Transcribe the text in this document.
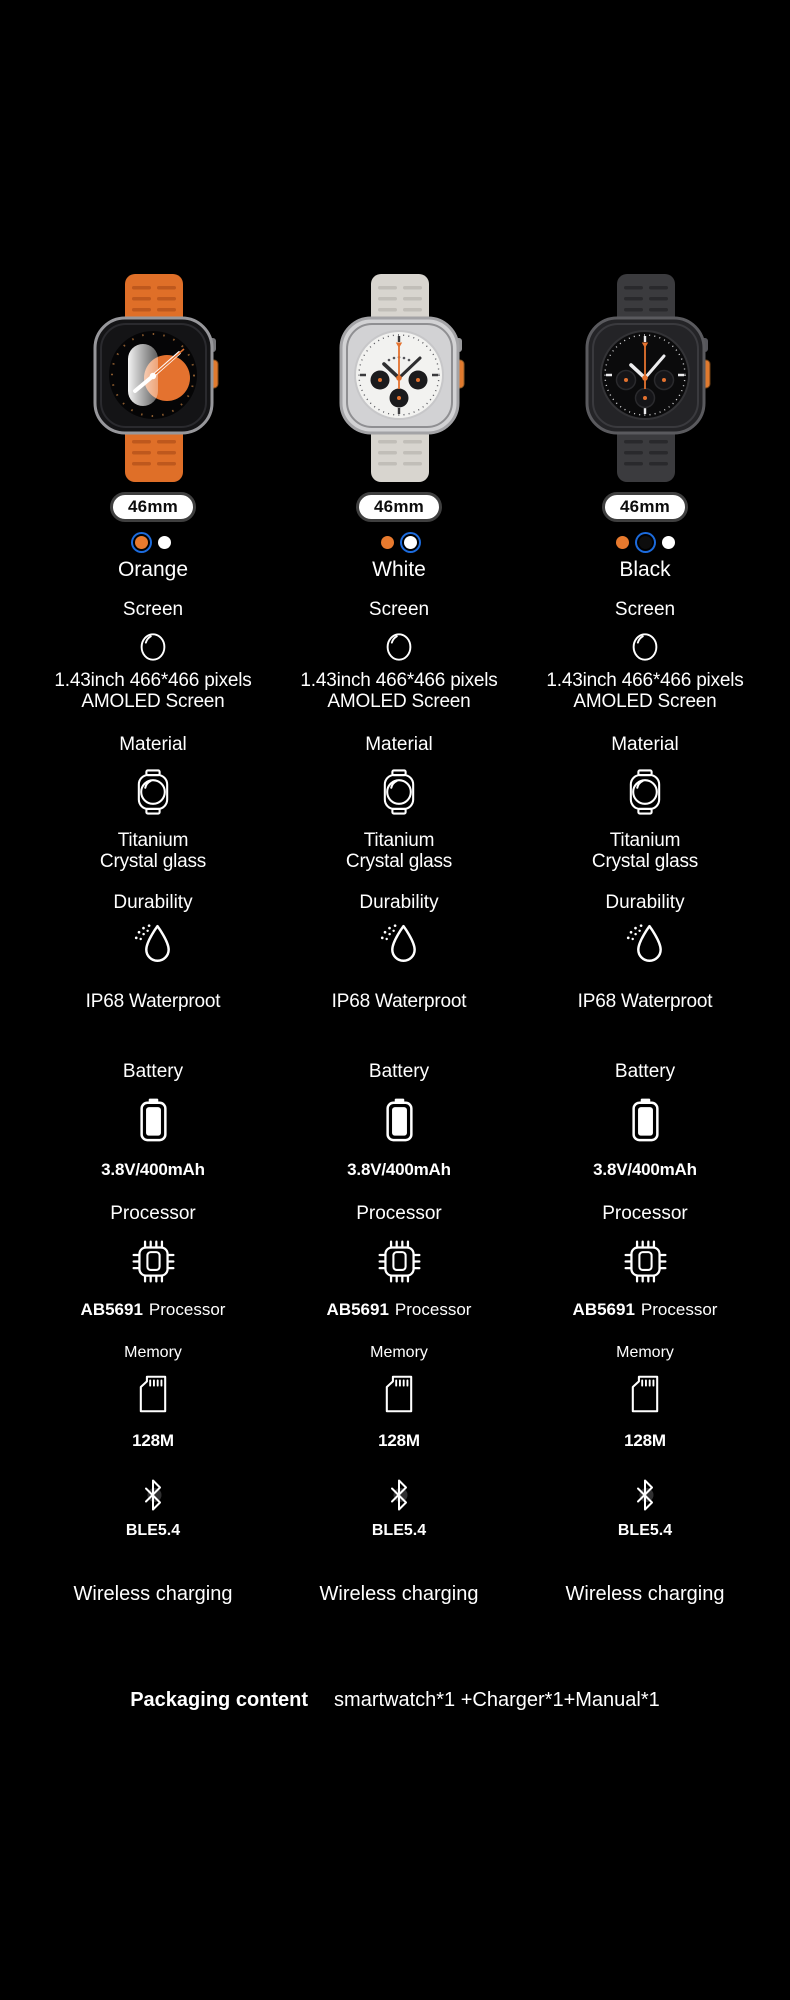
46mm
Orange
Screen
1.43inch 466*466 pixels
AMOLED Screen
Material
Titanium
Crystal glass
Durability
IP68 Waterproot
Battery
3.8V/400mAh
Processor
AB5691 Processor
Memory
128M
BLE5.4
Wireless charging
46mm
White
Screen
1.43inch 466*466 pixels
AMOLED Screen
Material
Titanium
Crystal glass
Durability
IP68 Waterproot
Battery
3.8V/400mAh
Processor
AB5691 Processor
Memory
128M
BLE5.4
Wireless charging
46mm
Black
Screen
1.43inch 466*466 pixels
AMOLED Screen
Material
Titanium
Crystal glass
Durability
IP68 Waterproot
Battery
3.8V/400mAh
Processor
AB5691 Processor
Memory
128M
BLE5.4
Wireless charging
Packaging content smartwatch*1 +Charger*1+Manual*1
